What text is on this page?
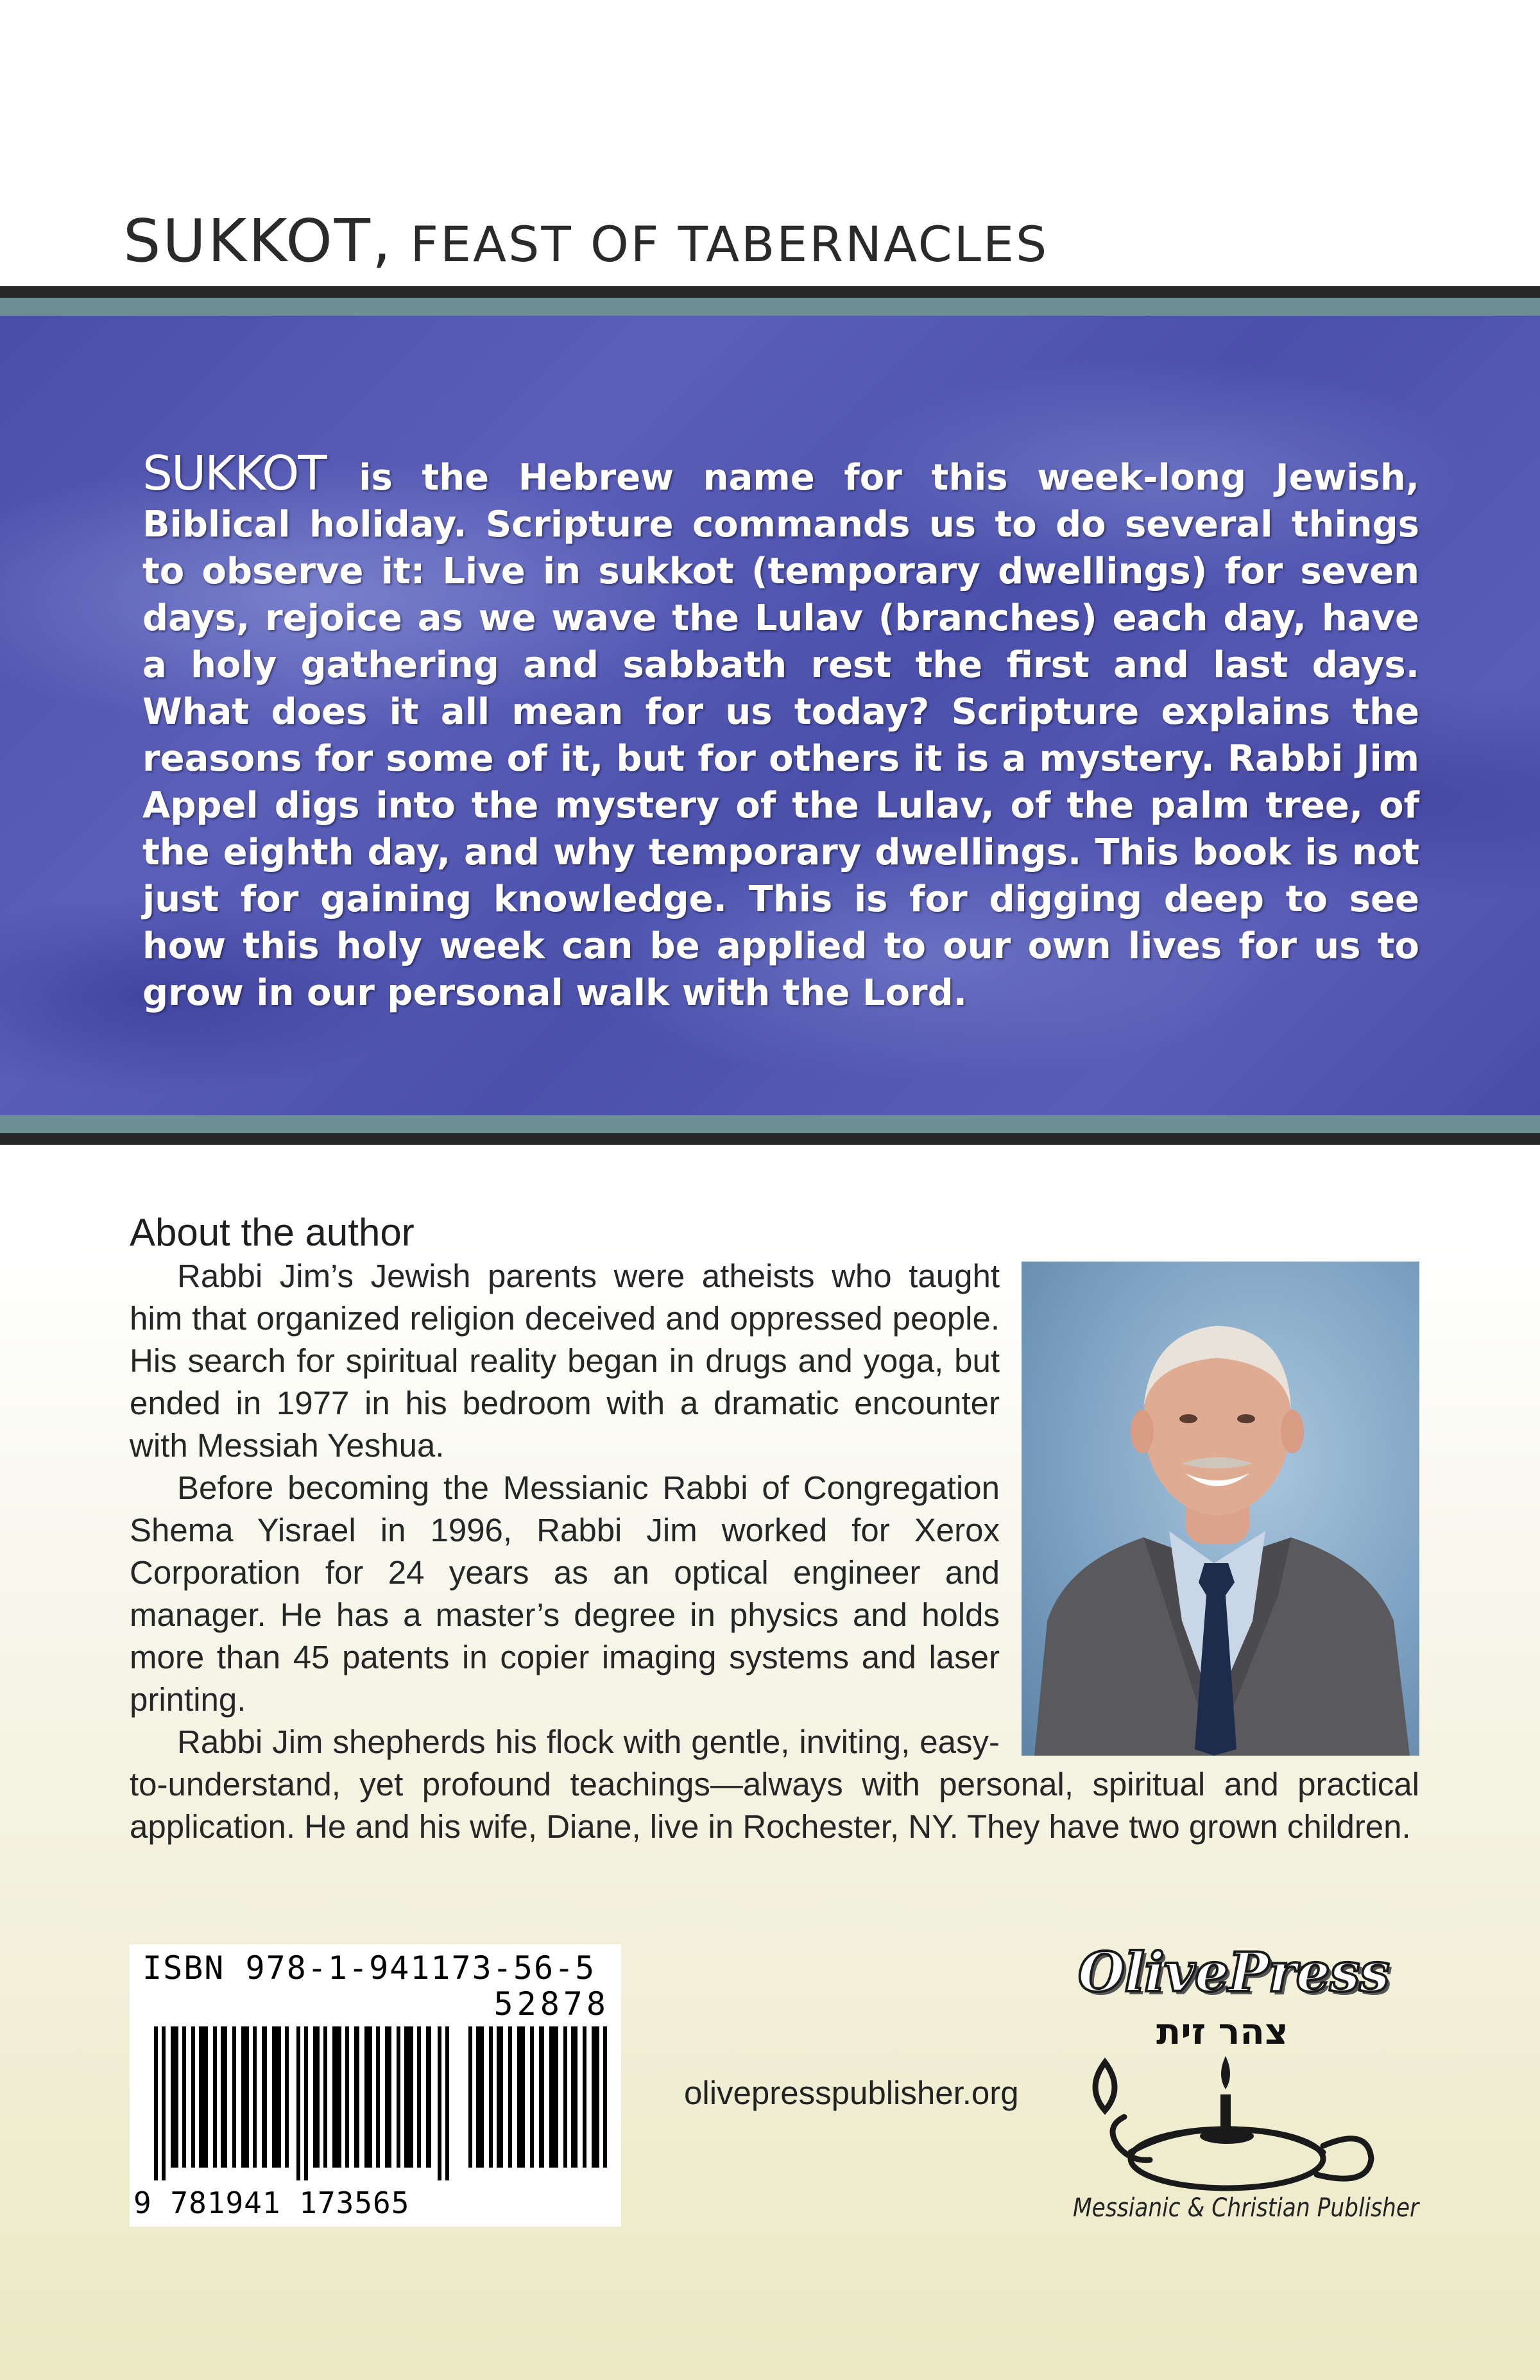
SUKKOT, FEAST OF TABERNACLES

SUKKOT is the Hebrew name for this week-long Jewish, Biblical holiday. Scripture commands us to do several things to observe it: Live in sukkot (temporary dwellings) for seven days, rejoice as we wave the Lulav (branches) each day, have a holy gathering and sabbath rest the first and last days. What does it all mean for us today? Scripture explains the reasons for some of it, but for others it is a mystery. Rabbi Jim Appel digs into the mystery of the Lulav, of the palm tree, of the eighth day, and why temporary dwellings. This book is not just for gaining knowledge. This is for digging deep to see how this holy week can be applied to our own lives for us to grow in our personal walk with the Lord.

About the author

Rabbi Jim’s Jewish parents were atheists who taught him that organized religion deceived and oppressed people. His search for spiritual reality began in drugs and yoga, but ended in 1977 in his bedroom with a dramatic encounter with Messiah Yeshua.

Before becoming the Messianic Rabbi of Congregation Shema Yisrael in 1996, Rabbi Jim worked for Xerox Corporation for 24 years as an optical engineer and manager. He has a master’s degree in physics and holds more than 45 patents in copier imaging systems and laser printing.

Rabbi Jim shepherds his flock with gentle, inviting, easy-to-understand, yet profound teachings—always with personal, spiritual and practical application. He and his wife, Diane, live in Rochester, NY. They have two grown children.

ISBN 978-1-941173-56-5

52878

9 781941 173565

olivepresspublisher.org

OlivePress

צהר זית

Messianic & Christian Publisher
